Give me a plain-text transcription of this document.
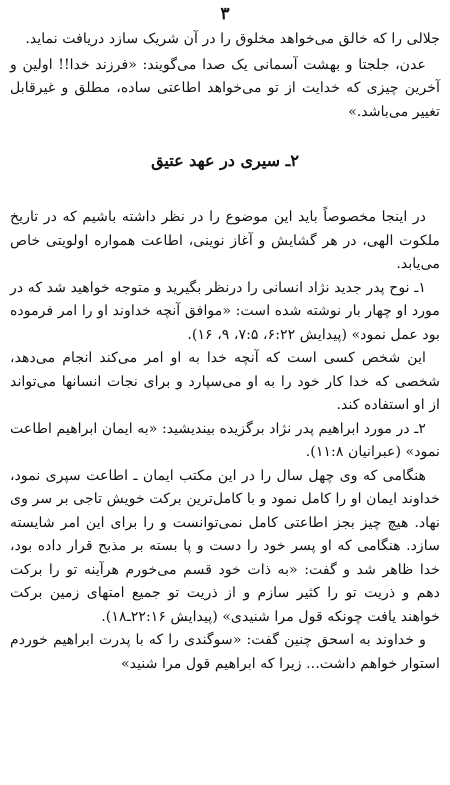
۳

جلالی را که خالق می‌خواهد مخلوق را در آن شریک سازد دریافت نماید.

عدن، جلجتا و بهشت آسمانی یک صدا می‌گویند: «فرزند خدا!! اولین و آخرین چیزی که خدایت از تو می‌خواهد اطاعتی ساده، مطلق و غیرقابل تغییر می‌باشد.»

۲ـ سیری در عهد عتیق

در اینجا مخصوصاً باید این موضوع را در نظر داشته باشیم که در تاریخ ملکوت الهی، در هر گشایش و آغاز نوینی، اطاعت همواره اولویتی خاص می‌یابد.

۱ـ نوح پدر جدید نژاد انسانی را درنظر بگیرید و متوجه خواهید شد که در مورد او چهار بار نوشته شده است: «موافق آنچه خداوند او را امر فرموده بود عمل نمود» (پیدایش ۶:۲۲، ۷:۵، ۹، ۱۶).

این شخص کسی است که آنچه خدا به او امر می‌کند انجام می‌دهد، شخصی که خدا کار خود را به او می‌سپارد و برای نجات انسانها می‌تواند از او استفاده کند.

۲ـ در مورد ابراهیم پدر نژاد برگزیده بیندیشید: «به ایمان ابراهیم اطاعت نمود» (عبرانیان ۱۱:۸).

هنگامی که وی چهل سال را در این مکتب ایمان ـ اطاعت سپری نمود، خداوند ایمان او را کامل نمود و با کامل‌ترین برکت خویش تاجی بر سر وی نهاد. هیچ چیز بجز اطاعتی کامل نمی‌توانست و را برای این امر شایسته سازد. هنگامی که او پسر خود را دست و پا بسته بر مذبح قرار داده بود، خدا ظاهر شد و گفت: «به ذات خود قسم می‌خورم هرآینه تو را برکت دهم و ذریت تو را کثیر سازم و از ذریت تو جمیع امتهای زمین برکت خواهند یافت چونکه قول مرا شنیدی» (پیدایش ۲۲:۱۶ـ۱۸).

و خداوند به اسحق چنین گفت: «سوگندی را که با پدرت ابراهیم خوردم استوار خواهم داشت... زیرا که ابراهیم قول مرا شنید»
